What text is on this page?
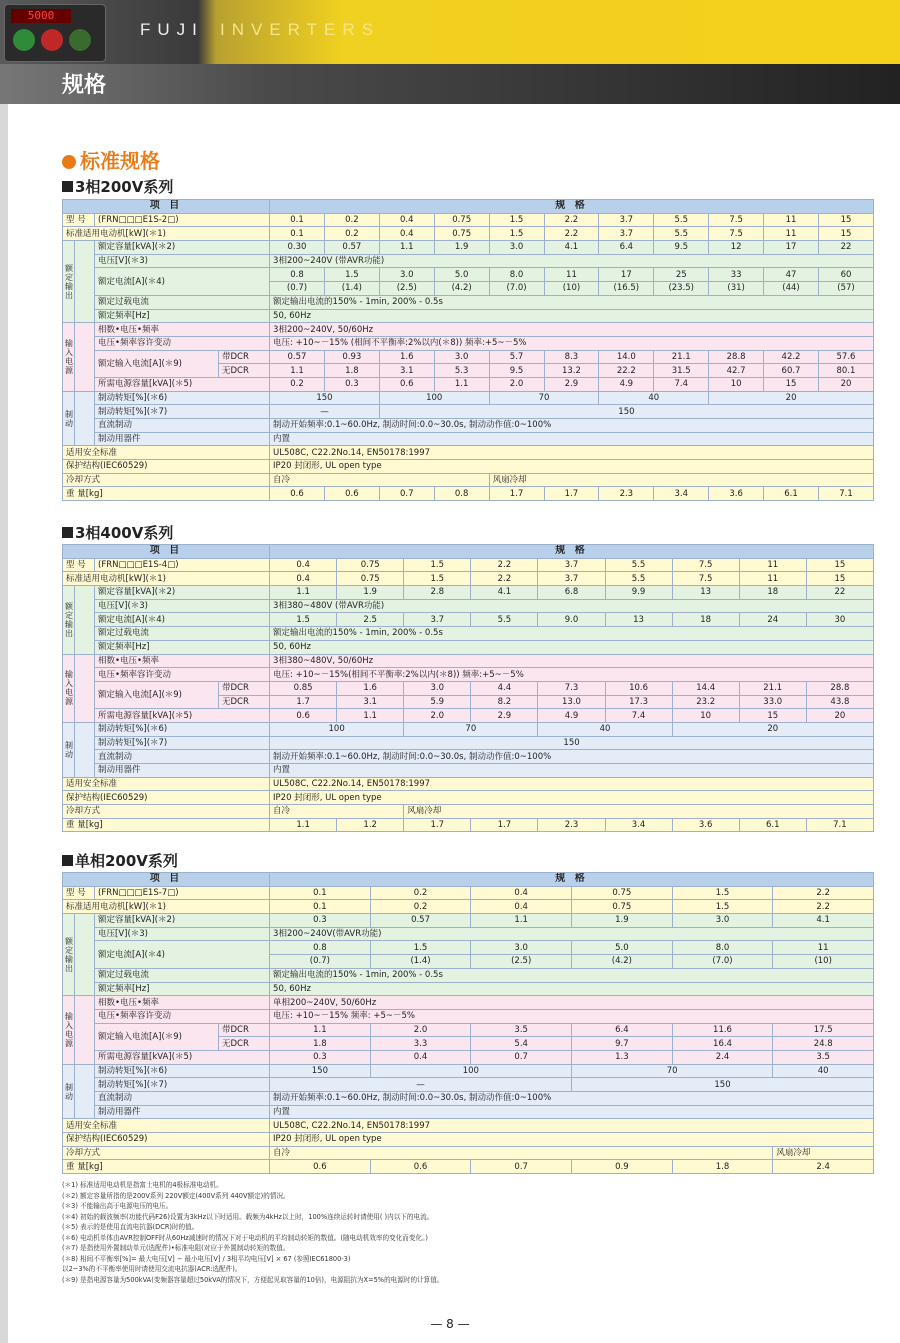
5000
FUJI INVERTERS
规格
标准规格
3相200V系列
项 目				规 格										
型 号		(FRN□□□E1S-2□)		0.1	0.2	0.4	0.75	1.5	2.2	3.7	5.5	7.5	11	15
标准适用电动机[kW](＊1)				0.1	0.2	0.4	0.75	1.5	2.2	3.7	5.5	7.5	11	15
额定输出		额定容量[kVA](＊2)		0.30	0.57	1.1	1.9	3.0	4.1	6.4	9.5	12	17	22
		电压[V](＊3)		3相200~240V (带AVR功能)										
		额定电流[A](＊4)		0.8	1.5	3.0	5.0	8.0	11	17	25	33	47	60
				(0.7)	(1.4)	(2.5)	(4.2)	(7.0)	(10)	(16.5)	(23.5)	(31)	(44)	(57)
		额定过载电流		额定输出电流的150% - 1min, 200% - 0.5s										
		额定频率[Hz]		50, 60Hz										
输入电源		相数•电压•频率		3相200~240V, 50/60Hz										
		电压•频率容许变动		电压: +10~－15% (相间不平衡率:2%以内(＊8)) 频率:+5~－5%										
		额定输入电流[A](＊9)	带DCR	0.57	0.93	1.6	3.0	5.7	8.3	14.0	21.1	28.8	42.2	57.6
			无DCR	1.1	1.8	3.1	5.3	9.5	13.2	22.2	31.5	42.7	60.7	80.1
		所需电源容量[kVA](＊5)		0.2	0.3	0.6	1.1	2.0	2.9	4.9	7.4	10	15	20
制动		制动转矩[%](＊6)		150		100		70		40		20		
		制动转矩[%](＊7)		—		150								
		直流制动		制动开始频率:0.1~60.0Hz, 制动时间:0.0~30.0s, 制动动作值:0~100%										
		制动用器件		内置										
适用安全标准				UL508C, C22.2No.14, EN50178:1997										
保护结构(IEC60529)				IP20 封闭形, UL open type										
冷却方式				自冷				风扇冷却						
重 量[kg]				0.6	0.6	0.7	0.8	1.7	1.7	2.3	3.4	3.6	6.1	7.1
3相400V系列
项 目				规 格								
型 号		(FRN□□□E1S-4□)		0.4	0.75	1.5	2.2	3.7	5.5	7.5	11	15
标准适用电动机[kW](＊1)				0.4	0.75	1.5	2.2	3.7	5.5	7.5	11	15
额定输出		额定容量[kVA](＊2)		1.1	1.9	2.8	4.1	6.8	9.9	13	18	22
		电压[V](＊3)		3相380~480V (带AVR功能)								
		额定电流[A](＊4)		1.5	2.5	3.7	5.5	9.0	13	18	24	30
		额定过载电流		额定输出电流的150% - 1min, 200% - 0.5s								
		额定频率[Hz]		50, 60Hz								
输入电源		相数•电压•频率		3相380~480V, 50/60Hz								
		电压•频率容许变动		电压: +10~－15%(相间不平衡率:2%以内(＊8)) 频率:+5~－5%								
		额定输入电流[A](＊9)	带DCR	0.85	1.6	3.0	4.4	7.3	10.6	14.4	21.1	28.8
			无DCR	1.7	3.1	5.9	8.2	13.0	17.3	23.2	33.0	43.8
		所需电源容量[kVA](＊5)		0.6	1.1	2.0	2.9	4.9	7.4	10	15	20
制动		制动转矩[%](＊6)		100		70		40		20		
		制动转矩[%](＊7)		150								
		直流制动		制动开始频率:0.1~60.0Hz, 制动时间:0.0~30.0s, 制动动作值:0~100%								
		制动用器件		内置								
适用安全标准				UL508C, C22.2No.14, EN50178:1997								
保护结构(IEC60529)				IP20 封闭形, UL open type								
冷却方式				自冷		风扇冷却						
重 量[kg]				1.1	1.2	1.7	1.7	2.3	3.4	3.6	6.1	7.1
单相200V系列
项 目				规 格					
型 号		(FRN□□□E1S-7□)		0.1	0.2	0.4	0.75	1.5	2.2
标准适用电动机[kW](＊1)				0.1	0.2	0.4	0.75	1.5	2.2
额定输出		额定容量[kVA](＊2)		0.3	0.57	1.1	1.9	3.0	4.1
		电压[V](＊3)		3相200~240V(带AVR功能)					
		额定电流[A](＊4)		0.8	1.5	3.0	5.0	8.0	11
				(0.7)	(1.4)	(2.5)	(4.2)	(7.0)	(10)
		额定过载电流		额定输出电流的150% - 1min, 200% - 0.5s					
		额定频率[Hz]		50, 60Hz					
输入电源		相数•电压•频率		单相200~240V, 50/60Hz					
		电压•频率容许变动		电压: +10~－15% 频率: +5~－5%					
		额定输入电流[A](＊9)	带DCR	1.1	2.0	3.5	6.4	11.6	17.5
			无DCR	1.8	3.3	5.4	9.7	16.4	24.8
		所需电源容量[kVA](＊5)		0.3	0.4	0.7	1.3	2.4	3.5
制动		制动转矩[%](＊6)		150	100		70		40
		制动转矩[%](＊7)		—			150		
		直流制动		制动开始频率:0.1~60.0Hz, 制动时间:0.0~30.0s, 制动动作值:0~100%					
		制动用器件		内置					
适用安全标准				UL508C, C22.2No.14, EN50178:1997					
保护结构(IEC60529)				IP20 封闭形, UL open type					
冷却方式				自冷					风扇冷却
重 量[kg]				0.6	0.6	0.7	0.9	1.8	2.4
(＊1) 标准适用电动机是指富士电机的4极标准电动机。
(＊2) 额定容量所指的是200V系列 220V额定(400V系列 440V额定)的情况。
(＊3) 不能输出高于电源电压的电压。
(＊4) 初始的载波频率(功能代码F26)设置为3kHz以下时适用。载频为4kHz以上时，100%连续运转时请使用( )内以下的电流。
(＊5) 表示的是使用直流电抗器(DCR)时的值。
(＊6) 电动机单体由AVR控制OFF时从60Hz减速时的情况下对于电动机的平均制动转矩的数值。(随电动机效率的变化而变化。)
(＊7) 是指使用外置制动单元(选配件)•标准电阻(对应于外置制动转矩的数值。
(＊8) 相间不平衡率[%]= 最大电压[V] − 最小电压[V] / 3相平均电压[V] × 67 (参照IEC61800-3)
以2~3%的不平衡率使用时请使用交流电抗器(ACR:选配件)。
(＊9) 是指电源容量为500kVA(变频器容量超过50kVA的情况下，方便起见取容量的10倍)，电源阻抗为X=5%的电源时的计算值。
— 8 —
